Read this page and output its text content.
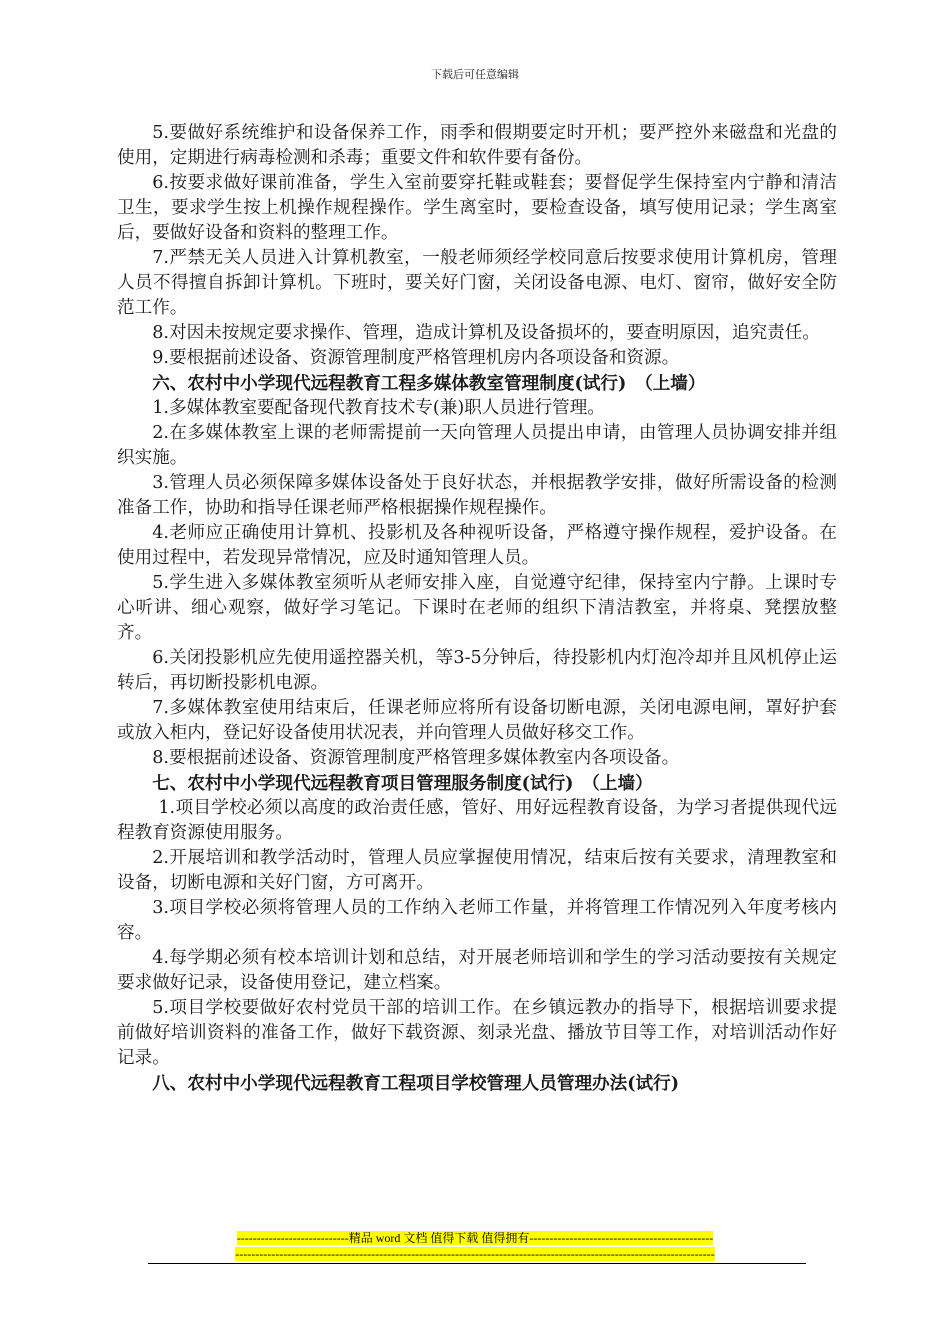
下载后可任意编辑

5.要做好系统维护和设备保养工作，雨季和假期要定时开机；要严控外来磁盘和光盘的使用，定期进行病毒检测和杀毒；重要文件和软件要有备份。

6.按要求做好课前准备，学生入室前要穿托鞋或鞋套；要督促学生保持室内宁静和清洁卫生，要求学生按上机操作规程操作。学生离室时，要检查设备，填写使用记录；学生离室后，要做好设备和资料的整理工作。

7.严禁无关人员进入计算机教室，一般老师须经学校同意后按要求使用计算机房，管理人员不得擅自拆卸计算机。下班时，要关好门窗，关闭设备电源、电灯、窗帘，做好安全防范工作。

8.对因未按规定要求操作、管理，造成计算机及设备损坏的，要查明原因，追究责任。

9.要根据前述设备、资源管理制度严格管理机房内各项设备和资源。

六、农村中小学现代远程教育工程多媒体教室管理制度(试行)　（上墙）

1.多媒体教室要配备现代教育技术专(兼)职人员进行管理。

2.在多媒体教室上课的老师需提前一天向管理人员提出申请，由管理人员协调安排并组织实施。

3.管理人员必须保障多媒体设备处于良好状态，并根据教学安排，做好所需设备的检测准备工作，协助和指导任课老师严格根据操作规程操作。

4.老师应正确使用计算机、投影机及各种视听设备，严格遵守操作规程，爱护设备。在使用过程中，若发现异常情况，应及时通知管理人员。

5.学生进入多媒体教室须听从老师安排入座，自觉遵守纪律，保持室内宁静。上课时专心听讲、细心观察，做好学习笔记。下课时在老师的组织下清洁教室，并将桌、凳摆放整齐。

6.关闭投影机应先使用遥控器关机，等3-5分钟后，待投影机内灯泡冷却并且风机停止运转后，再切断投影机电源。

7.多媒体教室使用结束后，任课老师应将所有设备切断电源，关闭电源电闸，罩好护套或放入柜内，登记好设备使用状况表，并向管理人员做好移交工作。

8.要根据前述设备、资源管理制度严格管理多媒体教室内各项设备。

七、农村中小学现代远程教育项目管理服务制度(试行)　（上墙）

1.项目学校必须以高度的政治责任感，管好、用好远程教育设备，为学习者提供现代远程教育资源使用服务。

2.开展培训和教学活动时，管理人员应掌握使用情况，结束后按有关要求，清理教室和设备，切断电源和关好门窗，方可离开。

3.项目学校必须将管理人员的工作纳入老师工作量，并将管理工作情况列入年度考核内容。

4.每学期必须有校本培训计划和总结，对开展老师培训和学生的学习活动要按有关规定要求做好记录，设备使用登记，建立档案。

5.项目学校要做好农村党员干部的培训工作。在乡镇远教办的指导下，根据培训要求提前做好培训资料的准备工作，做好下载资源、刻录光盘、播放节目等工作，对培训活动作好记录。

八、农村中小学现代远程教育工程项目学校管理人员管理办法(试行)

----------------------------精品 word 文档 值得下载 值得拥有----------------------------------------------
------------------------------------------------------------------------------------------------------------------------
